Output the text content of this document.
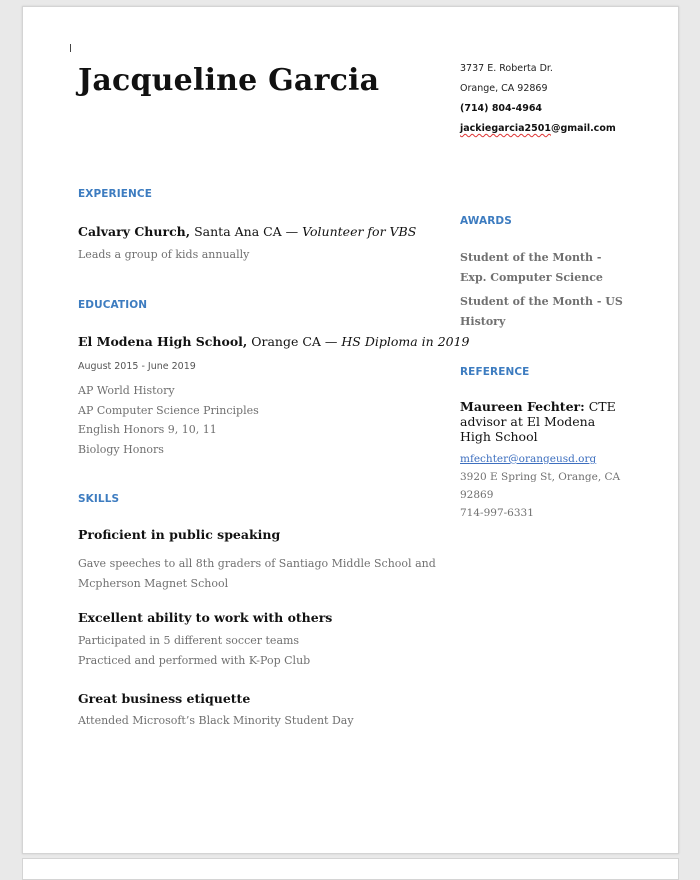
Jacqueline Garcia	3737 E. Roberta Dr.
Orange, CA 92869
(714) 804-4964
jackiegarcia2501@gmail.com
EXPERIENCE
Calvary Church, Santa Ana CA — Volunteer for VBS
Leads a group of kids annually
EDUCATION
El Modena High School, Orange CA — HS Diploma in 2019
August 2015 - June 2019
AP World History
AP Computer Science Principles
English Honors 9, 10, 11
Biology Honors
SKILLS
Proficient in public speaking
Gave speeches to all 8th graders of Santiago Middle School and
Mcpherson Magnet School
Excellent ability to work with others
Participated in 5 different soccer teams
Practiced and performed with K-Pop Club
Great business etiquette
Attended Microsoft’s Black Minority Student Day
AWARDS
Student of the Month -
Exp. Computer Science
Student of the Month - US
History
REFERENCE
Maureen Fechter: CTE
advisor at El Modena
High School
mfechter@orangeusd.org
3920 E Spring St, Orange, CA
92869
714-997-6331
